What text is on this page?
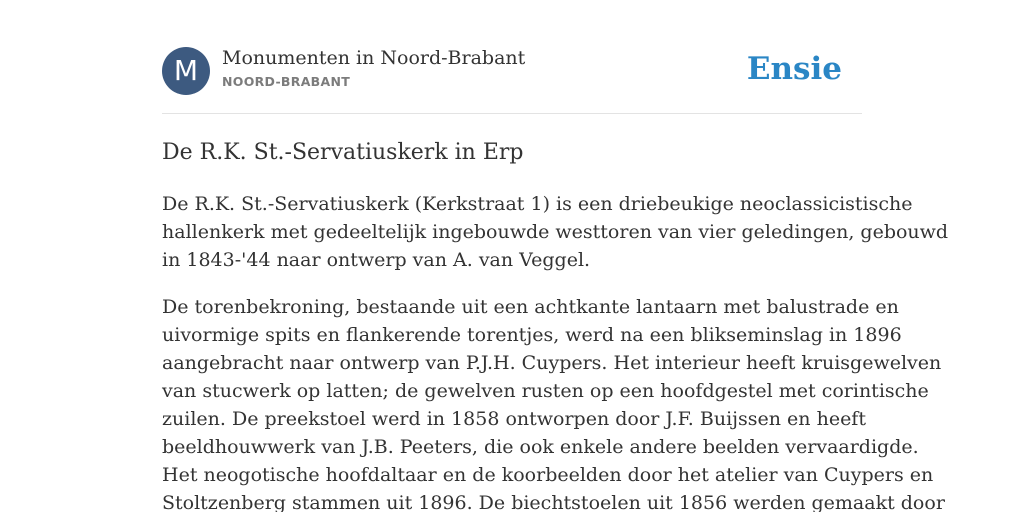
M	Monumenten in Noord-Brabant
NOORD-BRABANT	Ensie
De R.K. St.-Servatiuskerk in Erp

De R.K. St.-Servatiuskerk (Kerkstraat 1) is een driebeukige neoclassicistische
hallenkerk met gedeeltelijk ingebouwde westtoren van vier geledingen, gebouwd
in 1843-'44 naar ontwerp van A. van Veggel.

De torenbekroning, bestaande uit een achtkante lantaarn met balustrade en
uivormige spits en flankerende torentjes, werd na een blikseminslag in 1896
aangebracht naar ontwerp van P.J.H. Cuypers. Het interieur heeft kruisgewelven
van stucwerk op latten; de gewelven rusten op een hoofdgestel met corintische
zuilen. De preekstoel werd in 1858 ontworpen door J.F. Buijssen en heeft
beeldhouwwerk van J.B. Peeters, die ook enkele andere beelden vervaardigde.
Het neogotische hoofdaltaar en de koorbeelden door het atelier van Cuypers en
Stoltzenberg stammen uit 1896. De biechtstoelen uit 1856 werden gemaakt door
